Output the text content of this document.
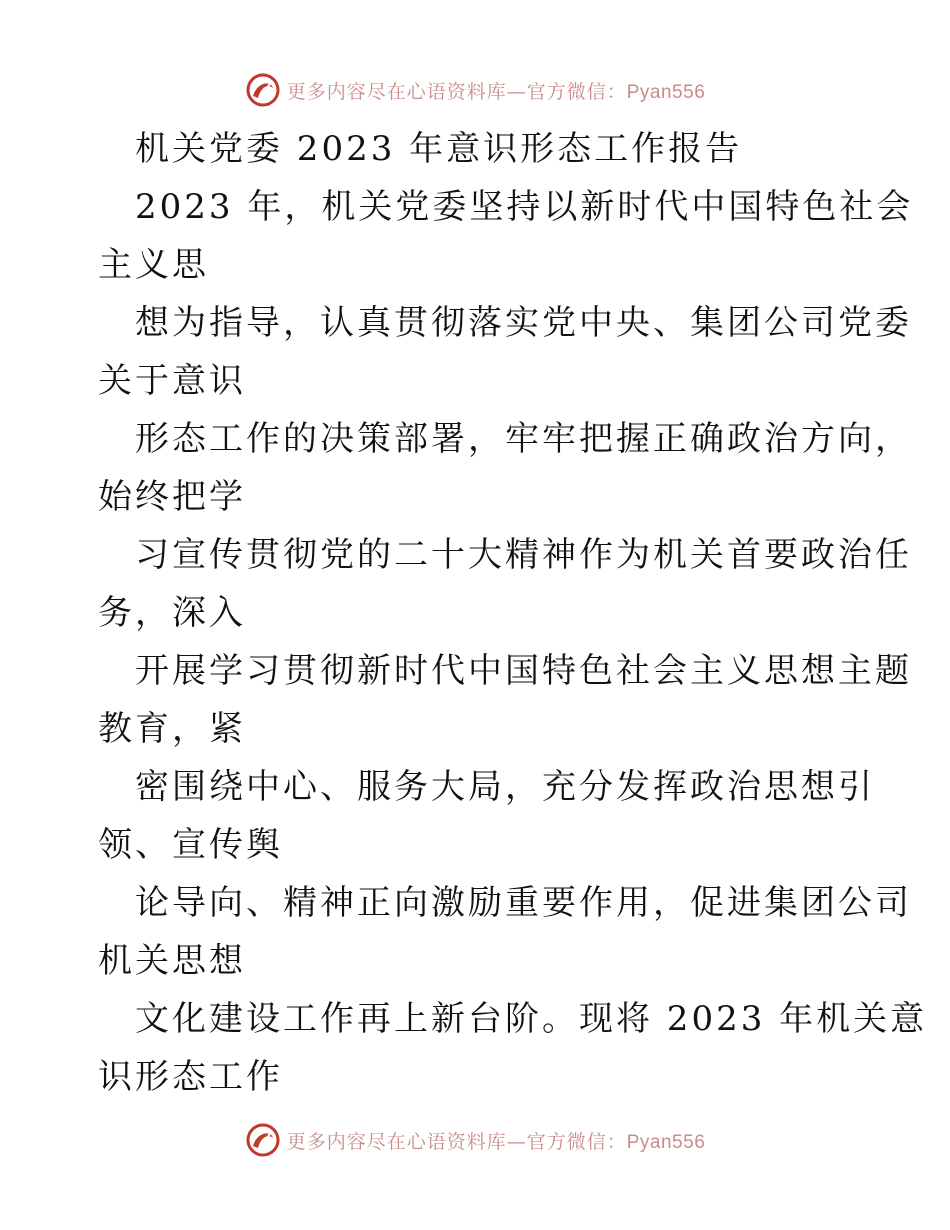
更多内容尽在心语资料库—官方微信：Pyan556
机关党委 2023 年意识形态工作报告
2023 年，机关党委坚持以新时代中国特色社会
主义思
想为指导，认真贯彻落实党中央、集团公司党委
关于意识
形态工作的决策部署，牢牢把握正确政治方向，
始终把学
习宣传贯彻党的二十大精神作为机关首要政治任
务，深入
开展学习贯彻新时代中国特色社会主义思想主题
教育，紧
密围绕中心、服务大局，充分发挥政治思想引
领、宣传舆
论导向、精神正向激励重要作用，促进集团公司
机关思想
文化建设工作再上新台阶。现将 2023 年机关意
识形态工作
更多内容尽在心语资料库—官方微信：Pyan556
